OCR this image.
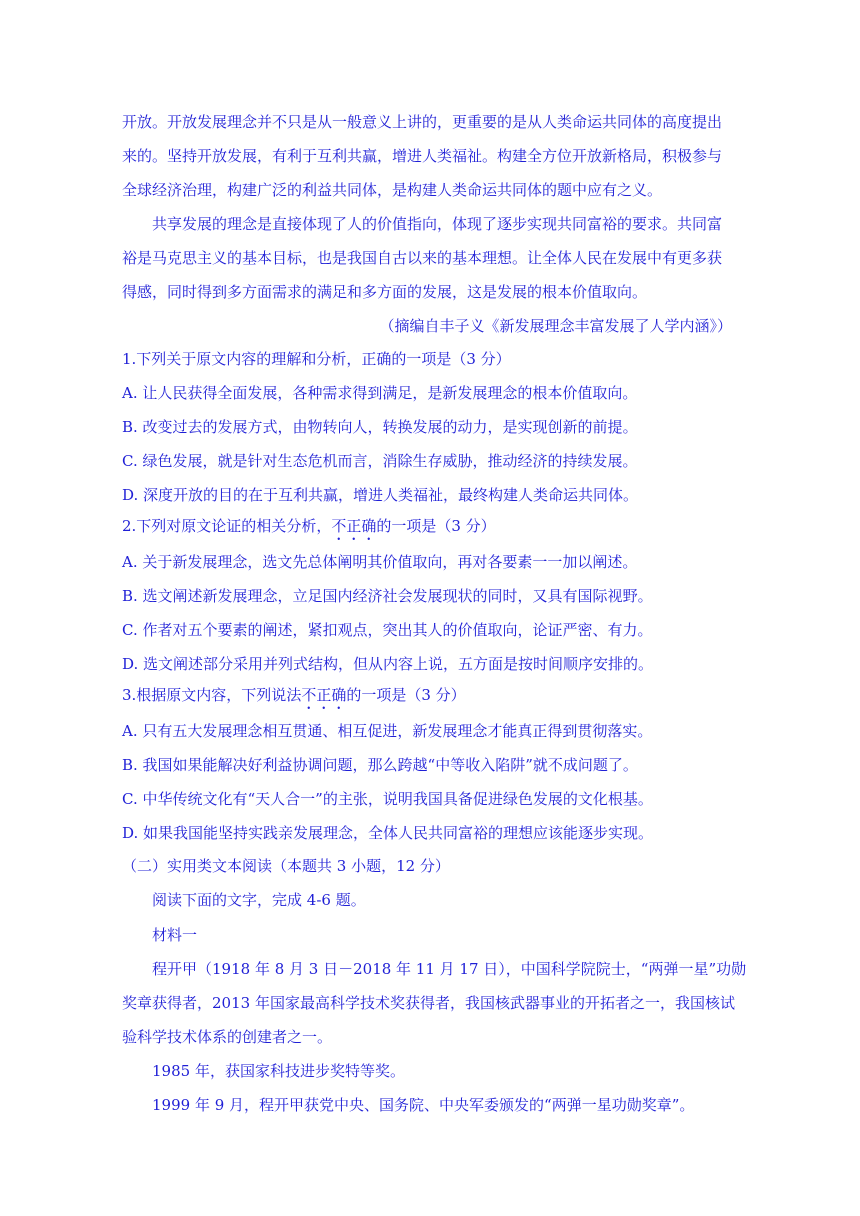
开放。开放发展理念并不只是从一般意义上讲的，更重要的是从人类命运共同体的高度提出
来的。坚持开放发展，有利于互利共赢，增进人类福祉。构建全方位开放新格局，积极参与
全球经济治理，构建广泛的利益共同体，是构建人类命运共同体的题中应有之义。
共享发展的理念是直接体现了人的价值指向，体现了逐步实现共同富裕的要求。共同富
裕是马克思主义的基本目标，也是我国自古以来的基本理想。让全体人民在发展中有更多获
得感，同时得到多方面需求的满足和多方面的发展，这是发展的根本价值取向。
（摘编自丰子义《新发展理念丰富发展了人学内涵》）
1.下列关于原文内容的理解和分析，正确的一项是（3 分）
A. 让人民获得全面发展，各种需求得到满足，是新发展理念的根本价值取向。
B. 改变过去的发展方式，由物转向人，转换发展的动力，是实现创新的前提。
C. 绿色发展，就是针对生态危机而言，消除生存威胁，推动经济的持续发展。
D. 深度开放的目的在于互利共赢，增进人类福祉，最终构建人类命运共同体。
2.下列对原文论证的相关分析，不正确的一项是（3 分）
A. 关于新发展理念，选文先总体阐明其价值取向，再对各要素一一加以阐述。
B. 选文阐述新发展理念，立足国内经济社会发展现状的同时，又具有国际视野。
C. 作者对五个要素的阐述，紧扣观点，突出其人的价值取向，论证严密、有力。
D. 选文阐述部分采用并列式结构，但从内容上说，五方面是按时间顺序安排的。
3.根据原文内容，下列说法不正确的一项是（3 分）
A. 只有五大发展理念相互贯通、相互促进，新发展理念才能真正得到贯彻落实。
B. 我国如果能解决好利益协调问题，那么跨越“中等收入陷阱”就不成问题了。
C. 中华传统文化有“天人合一”的主张，说明我国具备促进绿色发展的文化根基。
D. 如果我国能坚持实践亲发展理念，全体人民共同富裕的理想应该能逐步实现。
（二）实用类文本阅读（本题共 3 小题，12 分）
阅读下面的文字，完成 4-6 题。
材料一
程开甲（1918 年 8 月 3 日－2018 年 11 月 17 日），中国科学院院士，“两弹一星”功勋
奖章获得者，2013 年国家最高科学技术奖获得者，我国核武器事业的开拓者之一，我国核试
验科学技术体系的创建者之一。
1985 年，获国家科技进步奖特等奖。
1999 年 9 月，程开甲获党中央、国务院、中央军委颁发的“两弹一星功勋奖章”。
